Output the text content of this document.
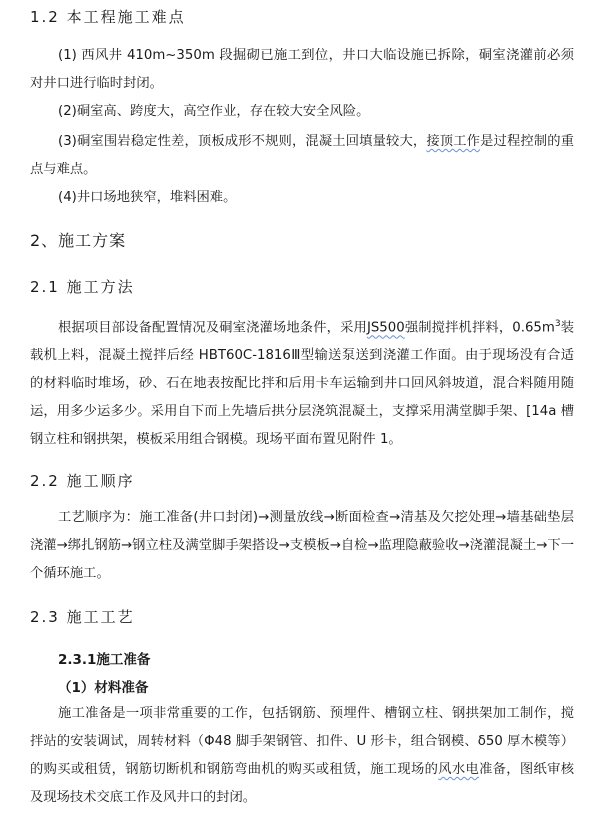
1.2 本工程施工难点
(1) 西风井 410m~350m 段掘砌已施工到位，井口大临设施已拆除，硐室浇灌前必须对井口进行临时封闭。
(2)硐室高、跨度大，高空作业，存在较大安全风险。
(3)硐室围岩稳定性差，顶板成形不规则，混凝土回填量较大，接顶工作是过程控制的重点与难点。
(4)井口场地狭窄，堆料困难。
2、施工方案
2.1 施工方法
根据项目部设备配置情况及硐室浇灌场地条件，采用JS500强制搅拌机拌料，$0.65m^3$装载机上料，混凝土搅拌后经 HBT60C-1816Ⅲ型输送泵送到浇灌工作面。由于现场没有合适的材料临时堆场，砂、石在地表按配比拌和后用卡车运输到井口回风斜坡道，混合料随用随运，用多少运多少。采用自下而上先墙后拱分层浇筑混凝土，支撑采用满堂脚手架、[14a 槽钢立柱和钢拱架，模板采用组合钢模。现场平面布置见附件 1。
2.2 施工顺序
工艺顺序为：施工准备(井口封闭)→测量放线→断面检查→清基及欠挖处理→墙基础垫层浇灌→绑扎钢筋→钢立柱及满堂脚手架搭设→支模板→自检→监理隐蔽验收→浇灌混凝土→下一个循环施工。
2.3 施工工艺
2.3.1施工准备
（1）材料准备
施工准备是一项非常重要的工作，包括钢筋、预埋件、槽钢立柱、钢拱架加工制作，搅拌站的安装调试，周转材料（Φ48 脚手架钢管、扣件、U 形卡，组合钢模、δ50 厚木模等）的购买或租赁，钢筋切断机和钢筋弯曲机的购买或租赁，施工现场的风水电准备，图纸审核及现场技术交底工作及风井口的封闭。
